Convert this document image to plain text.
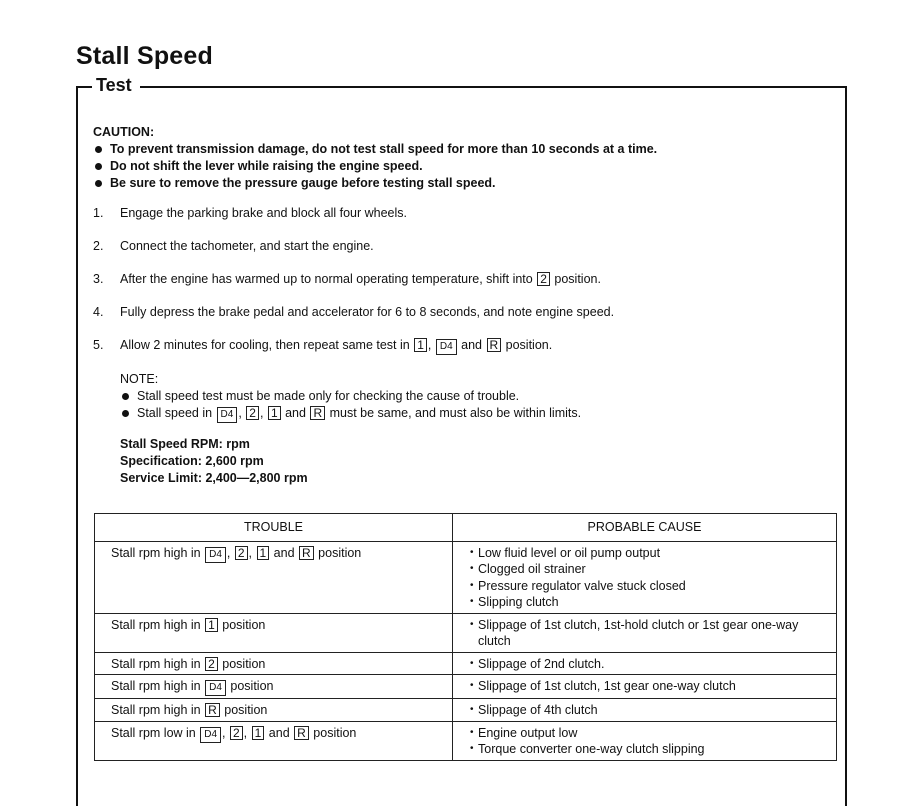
Stall Speed
Test
CAUTION:
To prevent transmission damage, do not test stall speed for more than 10 seconds at a time.
Do not shift the lever while raising the engine speed.
Be sure to remove the pressure gauge before testing stall speed.
1. Engage the parking brake and block all four wheels.
2. Connect the tachometer, and start the engine.
3. After the engine has warmed up to normal operating temperature, shift into 2 position.
4. Fully depress the brake pedal and accelerator for 6 to 8 seconds, and note engine speed.
5. Allow 2 minutes for cooling, then repeat same test in 1 , D4 and R position.
NOTE:
Stall speed test must be made only for checking the cause of trouble.
Stall speed in D4 , 2 , 1 and R must be same, and must also be within limits.
Stall Speed RPM: rpm
Specification: 2,600 rpm
Service Limit: 2,400—2,800 rpm
TROUBLE	PROBABLE CAUSE
Stall rpm high in D4 , 2 , 1 and R position	• Low fluid level or oil pump output
• Clogged oil strainer
• Pressure regulator valve stuck closed
• Slipping clutch

Stall rpm high in 1 position	• Slippage of 1st clutch, 1st-hold clutch or 1st gear one-way clutch

Stall rpm high in 2 position	• Slippage of 2nd clutch.

Stall rpm high in D4 position	• Slippage of 1st clutch, 1st gear one-way clutch

Stall rpm high in R position	• Slippage of 4th clutch

Stall rpm low in D4 , 2 , 1 and R position	• Engine output low
• Torque converter one-way clutch slipping
